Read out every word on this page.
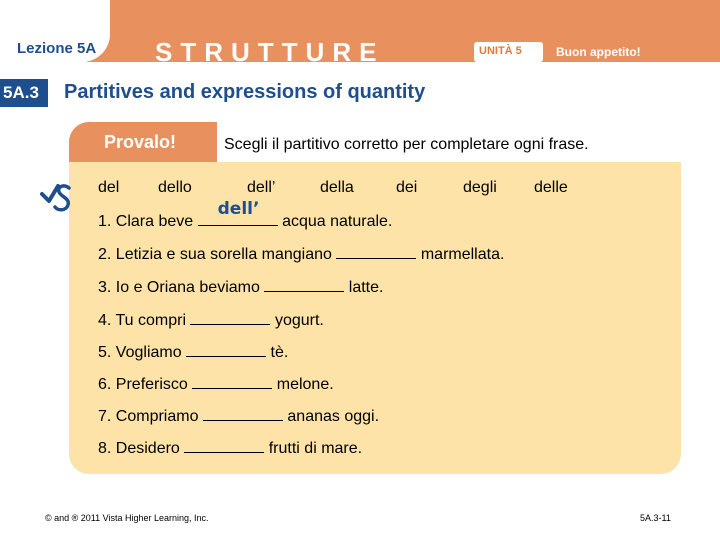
Lezione 5A STRUTTURE	UNITÀ 5	Buon appetito!
5A.3 Partitives and expressions of quantity
Provalo!	Scegli il partitivo corretto per completare ogni frase.
del dello	dell’	della	dei	degli delle
1. Clara beve
dell’
acqua naturale.
2. Letizia e sua sorella mangiano	marmellata.
3. Io e Oriana beviamo	latte.
4. Tu compri	yogurt.
5. Vogliamo	tè.
6. Preferisco	melone.
7. Compriamo	ananas oggi.
8. Desidero	frutti di mare.
© and ® 2011 Vista Higher Learning, Inc.	5A.3-11
